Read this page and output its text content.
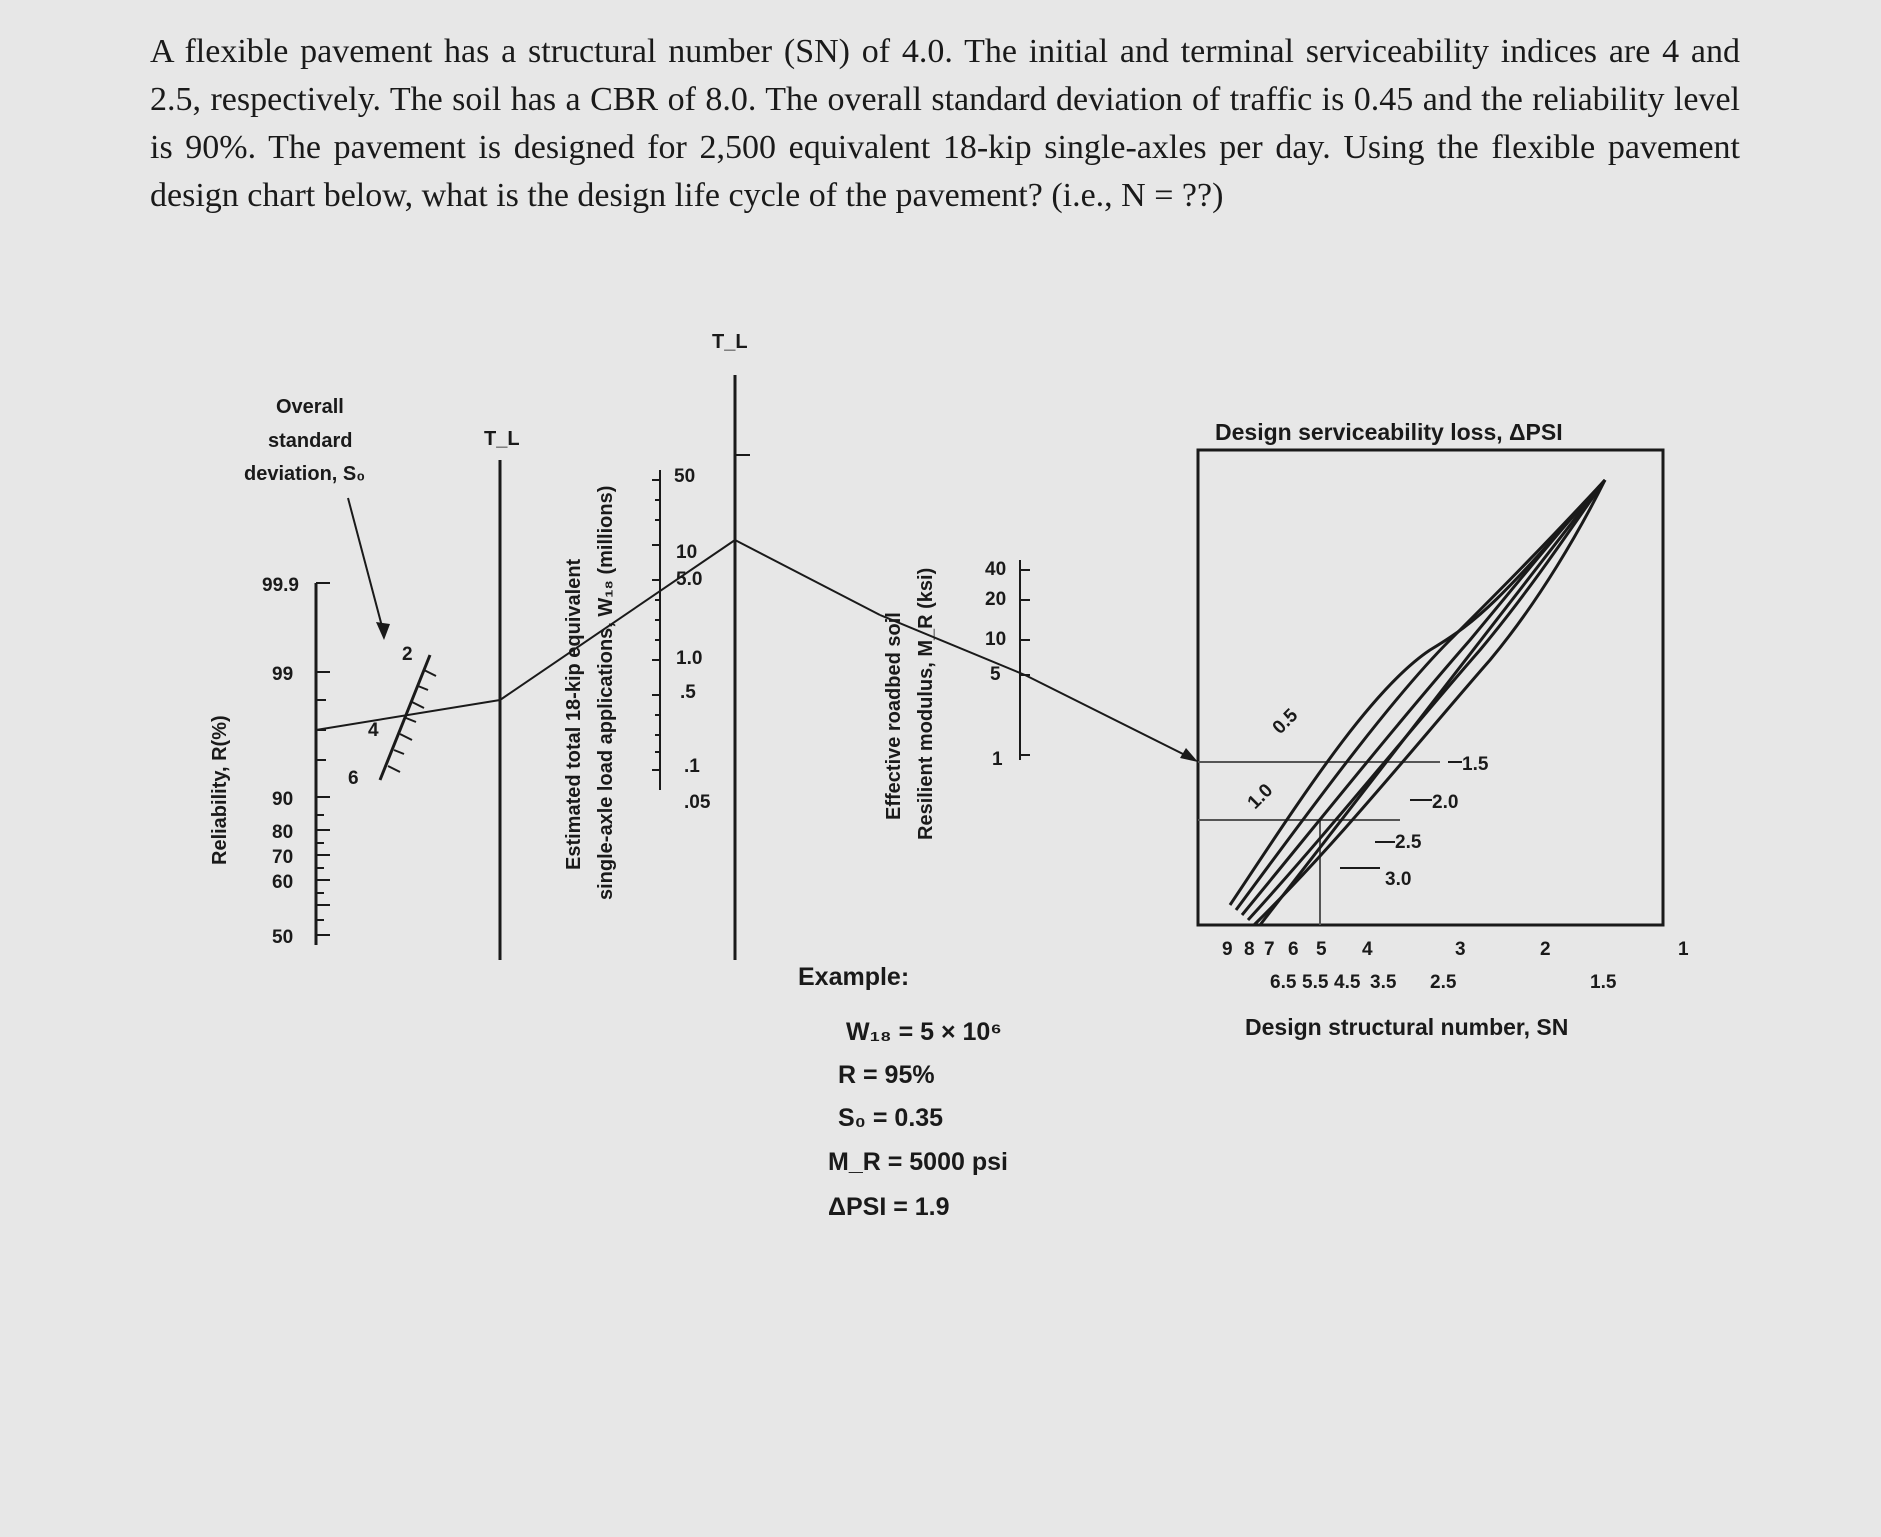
A flexible pavement has a structural number (SN) of 4.0. The initial and terminal serviceability indices are 4 and 2.5, respectively. The soil has a CBR of 8.0. The overall standard deviation of traffic is 0.45 and the reliability level is 90%. The pavement is designed for 2,500 equivalent 18-kip single-axles per day. Using the flexible pavement design chart below, what is the design life cycle of the pavement? (i.e., N = ??)

99.9
99
90
80
70
60
50
Reliability, R(%)
Overall
standard
deviation, S₀
2
4
6
T_L
Estimated total 18-kip equivalent single-axle load applications, W₁₈ (millions)
50
10
5.0
1.0
.5
.1
.05
T_L
Effective roadbed soil Resilient modulus, M_R (ksi)	40
20
10
5
1
Design serviceability loss, ΔPSI
0.5
1.0
1.5
2.0
2.5
3.0
9 8 7 6 5 4	3	2	1
6.5 5.5 4.5 3.5 2.5	1.5
Design structural number, SN
Example:
W₁₈ = 5 × 10⁶
R = 95%
S₀ = 0.35
M_R = 5000 psi
ΔPSI = 1.9
